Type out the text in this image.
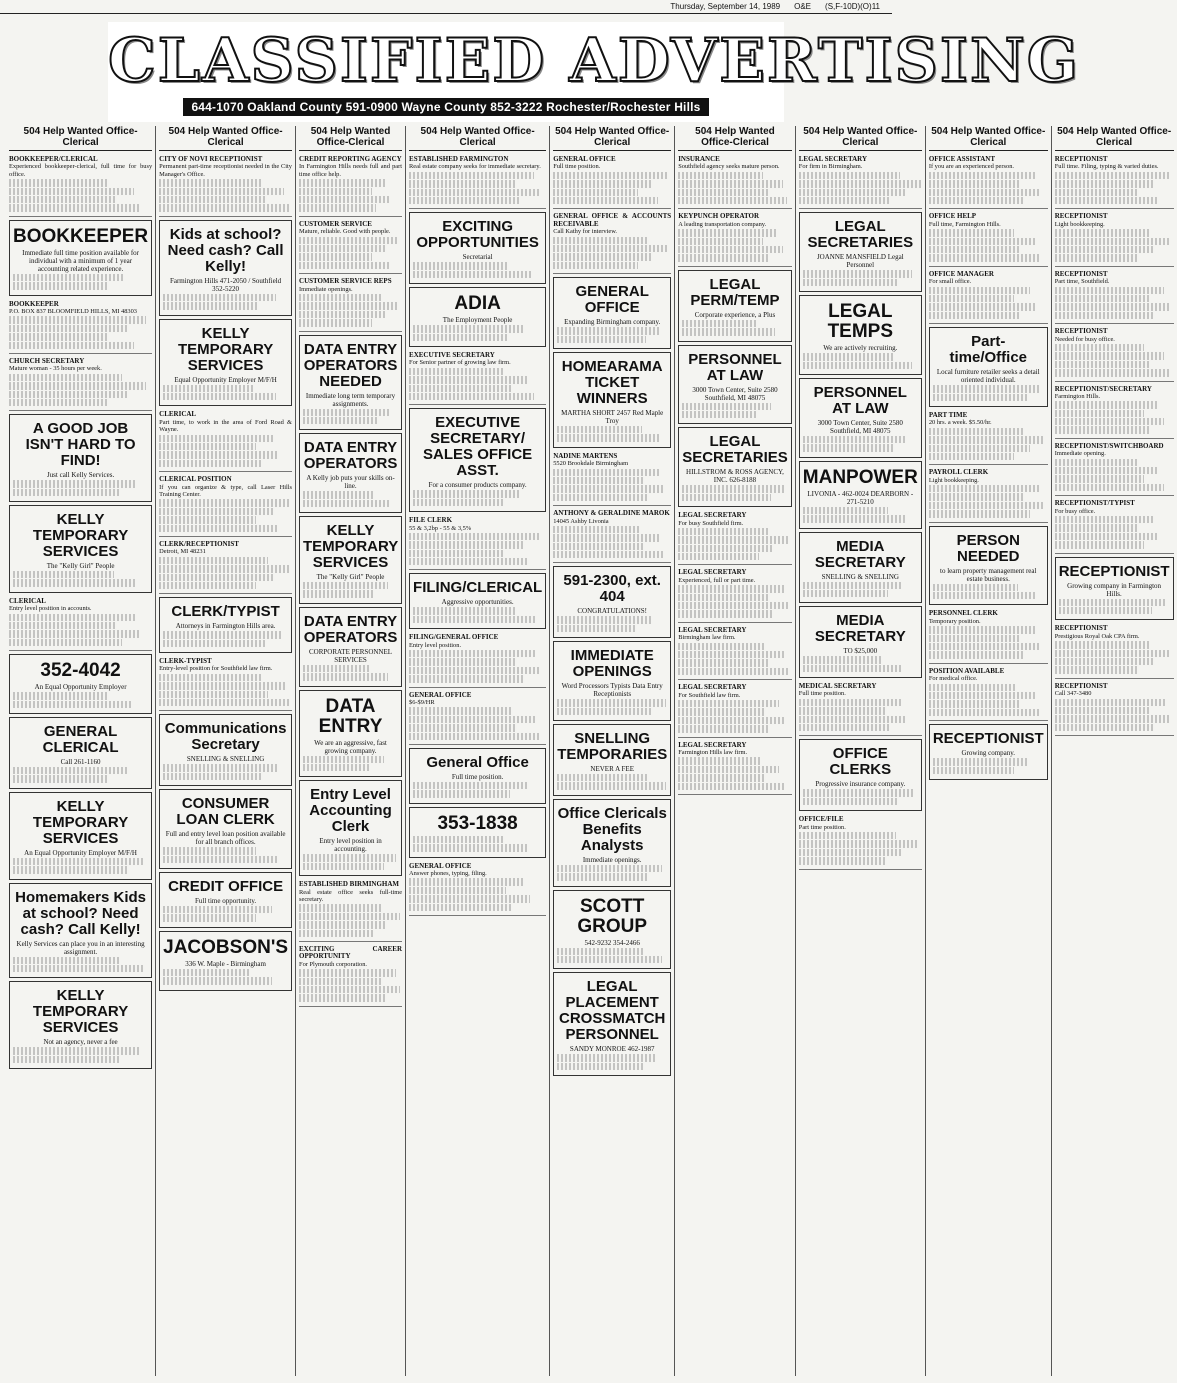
Thursday, September 14, 1989 O&E (S,F-10D)(O)11
CLASSIFIED ADVERTISING
644-1070 Oakland County 591-0900 Wayne County 852-3222 Rochester/Rochester Hills
504 Help Wanted Office-Clerical
BOOKKEEPER/CLERICAL
Experienced bookkeeper-clerical, full time for busy office.
BOOKKEEPER
Immediate full time position available for individual with a minimum of 1 year accounting related experience.
BOOKKEEPER
P.O. BOX 837 BLOOMFIELD HILLS, MI 48303
CHURCH SECRETARY
Mature woman - 35 hours per week.
A GOOD JOB ISN'T HARD TO FIND!
Just call Kelly Services.
KELLY TEMPORARY SERVICES
The "Kelly Girl" People
CLERICAL
Entry level position in accounts.
352-4042
An Equal Opportunity Employer
GENERAL CLERICAL
Call 261-1160
KELLY TEMPORARY SERVICES
An Equal Opportunity Employer M/F/H
Homemakers Kids at school? Need cash? Call Kelly!
Kelly Services can place you in an interesting assignment.
KELLY TEMPORARY SERVICES
Not an agency, never a fee
504 Help Wanted Office-Clerical
CITY OF NOVI RECEPTIONIST
Permanent part-time receptionist needed in the City Manager's Office.
Kids at school? Need cash? Call Kelly!
Farmington Hills 471-2050 / Southfield 352-5220
KELLY TEMPORARY SERVICES
Equal Opportunity Employer M/F/H
CLERICAL
Part time, to work in the area of Ford Road & Wayne.
CLERICAL POSITION
If you can organize & type, call Laser Hills Training Center.
CLERK/RECEPTIONIST
Detroit, MI 48231
CLERK/TYPIST
Attorneys in Farmington Hills area.
CLERK-TYPIST
Entry-level position for Southfield law firm.
Communications Secretary
SNELLING & SNELLING
CONSUMER LOAN CLERK
Full and entry level loan position available for all branch offices.
CREDIT OFFICE
Full time opportunity.
JACOBSON'S
336 W. Maple - Birmingham
504 Help Wanted Office-Clerical
CREDIT REPORTING AGENCY
In Farmington Hills needs full and part time office help.
CUSTOMER SERVICE
Mature, reliable. Good with people.
CUSTOMER SERVICE REPS
Immediate openings.
DATA ENTRY OPERATORS NEEDED
Immediate long term temporary assignments.
DATA ENTRY OPERATORS
A Kelly job puts your skills on-line.
KELLY TEMPORARY SERVICES
The "Kelly Girl" People
DATA ENTRY OPERATORS
CORPORATE PERSONNEL SERVICES
DATA ENTRY
We are an aggressive, fast growing company.
Entry Level Accounting Clerk
Entry level position in accounting.
ESTABLISHED BIRMINGHAM
Real estate office seeks full-time secretary.
EXCITING CAREER OPPORTUNITY
For Plymouth corporation.
504 Help Wanted Office-Clerical
ESTABLISHED FARMINGTON
Real estate company seeks for immediate secretary.
EXCITING OPPORTUNITIES
Secretarial
ADIA
The Employment People
EXECUTIVE SECRETARY
For Senior partner of growing law firm.
EXECUTIVE SECRETARY/ SALES OFFICE ASST.
For a consumer products company.
FILE CLERK
55 & 3,2bp - 55 & 3,5%
FILING/CLERICAL
Aggressive opportunities.
FILING/GENERAL OFFICE
Entry level position.
GENERAL OFFICE
$6-$9/HR
General Office
Full time position.
353-1838
GENERAL OFFICE
Answer phones, typing, filing.
504 Help Wanted Office-Clerical
GENERAL OFFICE
Full time position.
GENERAL OFFICE & ACCOUNTS RECEIVABLE
Call Kathy for interview.
GENERAL OFFICE
Expanding Birmingham company.
HOMEARAMA TICKET WINNERS
MARTHA SHORT 2457 Red Maple Troy
NADINE MARTENS
5520 Brookdale Birmingham
ANTHONY & GERALDINE MAROK
14045 Ashby Livonia
591-2300, ext. 404
CONGRATULATIONS!
IMMEDIATE OPENINGS
Word Processors Typists Data Entry Receptionists
SNELLING TEMPORARIES
NEVER A FEE
Office Clericals Benefits Analysts
Immediate openings.
SCOTT GROUP
542-9232 354-2466
LEGAL PLACEMENT CROSSMATCH PERSONNEL
SANDY MONROE 462-1987
504 Help Wanted Office-Clerical
INSURANCE
Southfield agency seeks mature person.
KEYPUNCH OPERATOR
A leading transportation company.
LEGAL PERM/TEMP
Corporate experience, a Plus
PERSONNEL AT LAW
3000 Town Center, Suite 2580 Southfield, MI 48075
LEGAL SECRETARIES
HILLSTROM & ROSS AGENCY, INC. 626-8188
LEGAL SECRETARY
For busy Southfield firm.
LEGAL SECRETARY
Experienced, full or part time.
LEGAL SECRETARY
Birmingham law firm.
LEGAL SECRETARY
For Southfield law firm.
LEGAL SECRETARY
Farmington Hills law firm.
504 Help Wanted Office-Clerical
LEGAL SECRETARY
For firm in Birmingham.
LEGAL SECRETARIES
JOANNE MANSFIELD Legal Personnel
LEGAL TEMPS
We are actively recruiting.
PERSONNEL AT LAW
3000 Town Center, Suite 2580 Southfield, MI 48075
MANPOWER
LIVONIA - 462-0024 DEARBORN - 271-5210
MEDIA SECRETARY
SNELLING & SNELLING
MEDIA SECRETARY
TO $25,000
MEDICAL SECRETARY
Full time position.
OFFICE CLERKS
Progressive insurance company.
OFFICE/FILE
Part time position.
504 Help Wanted Office-Clerical
OFFICE ASSISTANT
If you are an experienced person.
OFFICE HELP
Full time, Farmington Hills.
OFFICE MANAGER
For small office.
Part-time/Office
Local furniture retailer seeks a detail oriented individual.
PART TIME
20 hrs. a week. $5.50/hr.
PAYROLL CLERK
Light bookkeeping.
PERSON NEEDED
to learn property management real estate business.
PERSONNEL CLERK
Temporary position.
POSITION AVAILABLE
For medical office.
RECEPTIONIST
Growing company.
504 Help Wanted Office-Clerical
RECEPTIONIST
Full time. Filing, typing & varied duties.
RECEPTIONIST
Light bookkeeping.
RECEPTIONIST
Part time, Southfield.
RECEPTIONIST
Needed for busy office.
RECEPTIONIST/SECRETARY
Farmington Hills.
RECEPTIONIST/SWITCHBOARD
Immediate opening.
RECEPTIONIST/TYPIST
For busy office.
RECEPTIONIST
Growing company in Farmington Hills.
RECEPTIONIST
Prestigious Royal Oak CPA firm.
RECEPTIONIST
Call 347-3480
